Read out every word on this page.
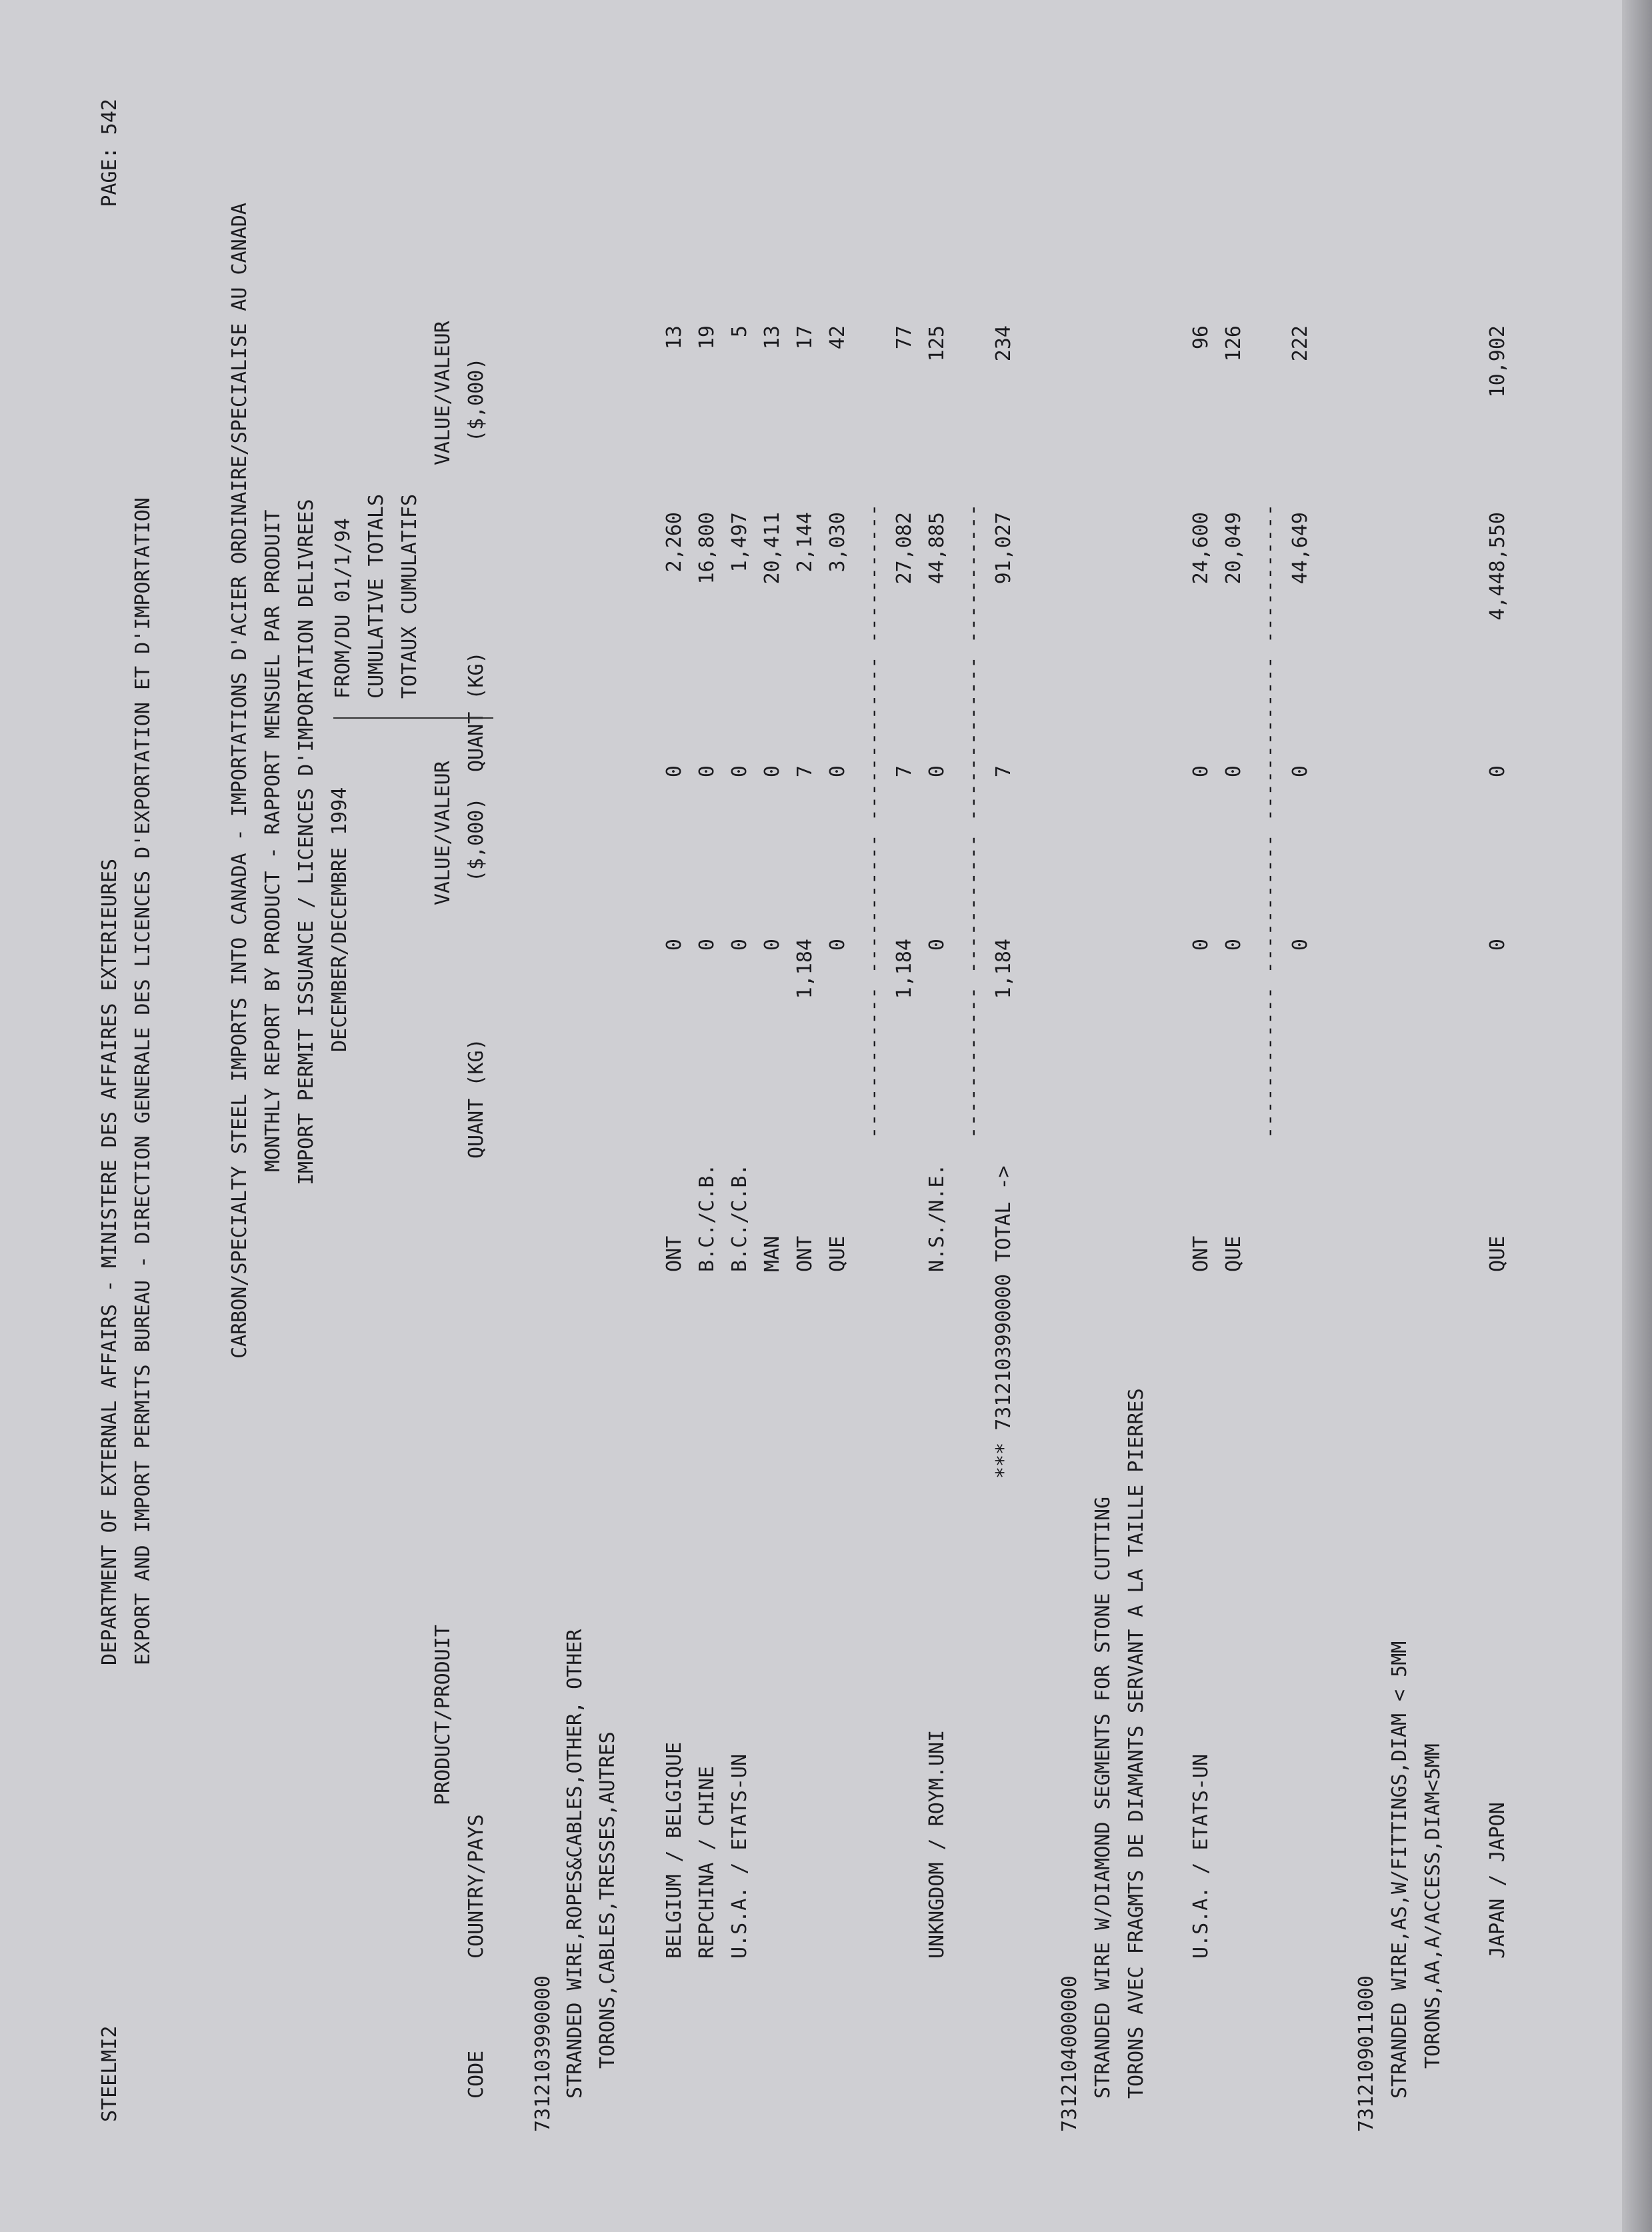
STEELMI2
DEPARTMENT OF EXTERNAL AFFAIRS - MINISTERE DES AFFAIRES EXTERIEURES EXPORT AND IMPORT PERMITS BUREAU - DIRECTION GENERALE DES LICENCES D'EXPORTATION ET D'IMPORTATION
PAGE: 542
CARBON/SPECIALTY STEEL IMPORTS INTO CANADA - IMPORTATIONS D'ACIER ORDINAIRE/SPECIALISE AU CANADA MONTHLY REPORT BY PRODUCT - RAPPORT MENSUEL PAR PRODUIT IMPORT PERMIT ISSUANCE / LICENCES D'IMPORTATION DELIVREES DECEMBER/DECEMBRE 1994
FROM/DU 01/1/94 CUMULATIVE TOTALS TOTAUX CUMULATIFS
VALUE/VALEUR ($,000)
QUANT (KG)
PRODUCT/PRODUIT
VALUE/VALEUR ($,000)
CODE
COUNTRY/PAYS
QUANT (KG)
7312103990000 STRANDED WIRE,ROPES&CABLES,OTHER, OTHER TORONS,CABLES,TRESSES,AUTRES BELGIUM / BELGIQUE
ONT
0
0
2,260
13
REPCHINA / CHINE
B.C./C.B.
0
0
16,800
19
U.S.A. / ETATS-UN
B.C./C.B.
0
0
1,497
5
MAN
0
0
20,411
13
ONT
1,184
7
2,144
17
QUE
0
0
3,030
42
------------ ----------- ------------- ----------- 1,184
7
27,082
77
UNKNGDOM / ROYM.UNI
N.S./N.E.
0
0
44,885
125
------------ ----------- ------------- -----------
*** 7312103990000 TOTAL ->
1,184
7
91,027
234
7312104000000 STRANDED WIRE W/DIAMOND SEGMENTS FOR STONE CUTTING TORONS AVEC FRAGMTS DE DIAMANTS SERVANT A LA TAILLE PIERRES U.S.A. / ETATS-UN
ONT
0
0
24,600
96
QUE
0
0
20,049
126
------------ ----------- ------------- ----------- 0
0
44,649
222
7312109011000 STRANDED WIRE,AS,W/FITTINGS,DIAM < 5MM TORONS,AA,A/ACCESS,DIAM<5MM JAPAN / JAPON
QUE
0
0
4,448,550
10,902
